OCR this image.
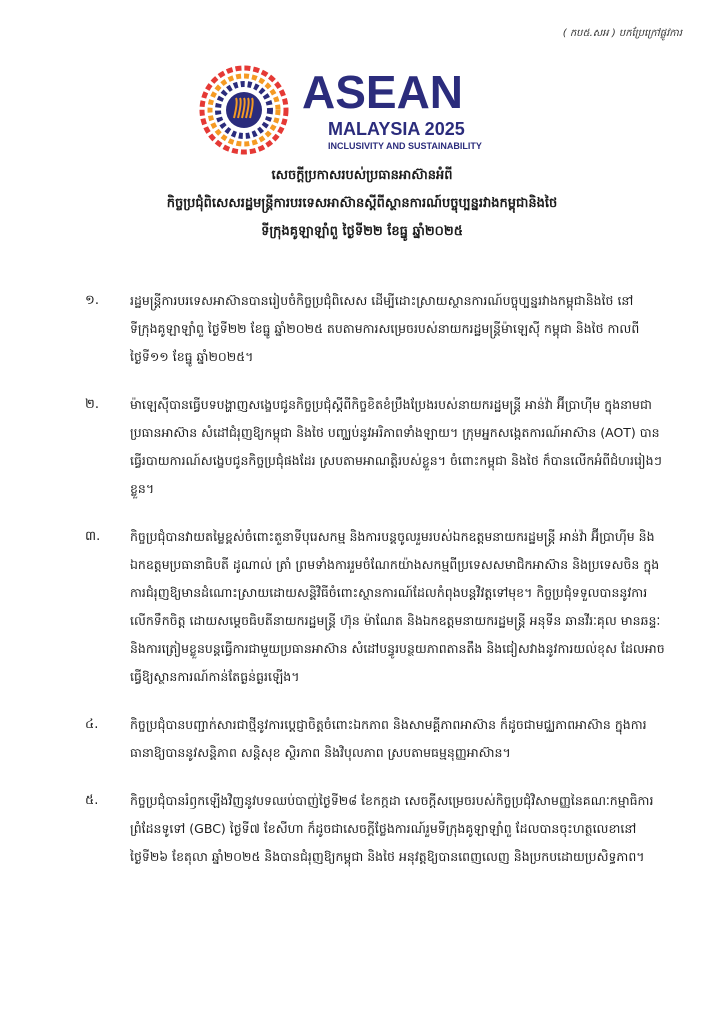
( កប៥.សអ ) បកប្រែក្រៅផ្លូវការ
ASEAN
MALAYSIA 2025
INCLUSIVITY AND SUSTAINABILITY
សេចក្តីប្រកាសរបស់ប្រធានអាស៊ានអំពី
កិច្ចប្រជុំពិសេសរដ្ឋមន្ត្រីការបរទេសអាស៊ានស្តីពីស្ថានការណ៍បច្ចុប្បន្នរវាងកម្ពុជានិងថៃ
ទីក្រុងគូឡាឡាំពួ ថ្ងៃទី២២ ខែធ្នូ ឆ្នាំ២០២៥
១.	រដ្ឋមន្ត្រីការបរទេសអាស៊ានបានរៀបចំកិច្ចប្រជុំពិសេស ដើម្បីដោះស្រាយស្ថានការណ៍បច្ចុប្បន្នរវាងកម្ពុជានិងថៃ នៅទីក្រុងគូឡាឡាំពួ ថ្ងៃទី២២ ខែធ្នូ ឆ្នាំ២០២៥ តបតាមការសម្រេចរបស់នាយករដ្ឋមន្ត្រីម៉ាឡេស៊ី កម្ពុជា និងថៃ កាលពីថ្ងៃទី១១ ខែធ្នូ ឆ្នាំ២០២៥។
២.	ម៉ាឡេស៊ីបានធ្វើបទបង្ហាញសង្ខេបជូនកិច្ចប្រជុំស្តីពីកិច្ចខិតខំប្រឹងប្រែងរបស់នាយករដ្ឋមន្ត្រី អាន់វ៉ា អ៊ីប្រាហ៊ីម ក្នុងនាមជាប្រធានអាស៊ាន សំដៅជំរុញឱ្យកម្ពុជា និងថៃ បញ្ឈប់នូវអរិភាពទាំងឡាយ។ ក្រុមអ្នកសង្កេតការណ៍អាស៊ាន (AOT) បានធ្វើរបាយការណ៍សង្ខេបជូនកិច្ចប្រជុំផងដែរ ស្របតាមអាណត្តិរបស់ខ្លួន។ ចំពោះកម្ពុជា និងថៃ ក៏បានលើកអំពីជំហររៀងៗខ្លួន។
៣.	កិច្ចប្រជុំបានវាយតម្លៃខ្ពស់ចំពោះតួនាទីបុរេសកម្ម និងការបន្តចូលរួមរបស់ឯកឧត្តមនាយករដ្ឋមន្ត្រី អាន់វ៉ា អ៊ីប្រាហ៊ីម និងឯកឧត្តមប្រធានាធិបតី ដូណាល់ ត្រាំ ព្រមទាំងការរួមចំណែកយ៉ាងសកម្មពីប្រទេសសមាជិកអាស៊ាន និងប្រទេសចិន ក្នុងការជំរុញឱ្យមានដំណោះស្រាយដោយសន្តិវិធីចំពោះស្ថានការណ៍ដែលកំពុងបន្តវិវត្តទៅមុខ។ កិច្ចប្រជុំទទួលបាននូវការលើកទឹកចិត្ត ដោយសម្តេចធិបតីនាយករដ្ឋមន្ត្រី ហ៊ុន ម៉ាណែត និងឯកឧត្តមនាយករដ្ឋមន្ត្រី អនុទីន ឆានវីរៈគុល មានឆន្ទៈ និងការត្រៀមខ្លួនបន្តធ្វើការជាមួយប្រធានអាស៊ាន សំដៅបន្ធូរបន្ថយភាពតានតឹង និងជៀសវាងនូវការយល់ខុស ដែលអាចធ្វើឱ្យស្ថានការណ៍កាន់តែធ្ងន់ធ្ងរឡើង។
៤.	កិច្ចប្រជុំបានបញ្ជាក់សារជាថ្មីនូវការប្តេជ្ញាចិត្តចំពោះឯកភាព និងសាមគ្គីភាពអាស៊ាន ក៏ដូចជាមជ្ឈភាពអាស៊ាន ក្នុងការធានាឱ្យបាននូវសន្តិភាព សន្តិសុខ ស្ថិរភាព និងវិបុលភាព ស្របតាមធម្មនុញ្ញអាស៊ាន។
៥.	កិច្ចប្រជុំបានរំឭកឡើងវិញនូវបទឈប់បាញ់ថ្ងៃទី២៨ ខែកក្កដា សេចក្តីសម្រេចរបស់កិច្ចប្រជុំវិសាមញ្ញនៃគណៈកម្មាធិការព្រំដែនទូទៅ (GBC) ថ្ងៃទី៧ ខែសីហា ក៏ដូចជាសេចក្តីថ្លែងការណ៍រួមទីក្រុងគូឡាឡាំពួ ដែលបានចុះហត្ថលេខានៅថ្ងៃទី២៦ ខែតុលា ឆ្នាំ២០២៥ និងបានជំរុញឱ្យកម្ពុជា និងថៃ អនុវត្តឱ្យបានពេញលេញ និងប្រកបដោយប្រសិទ្ធភាព។
